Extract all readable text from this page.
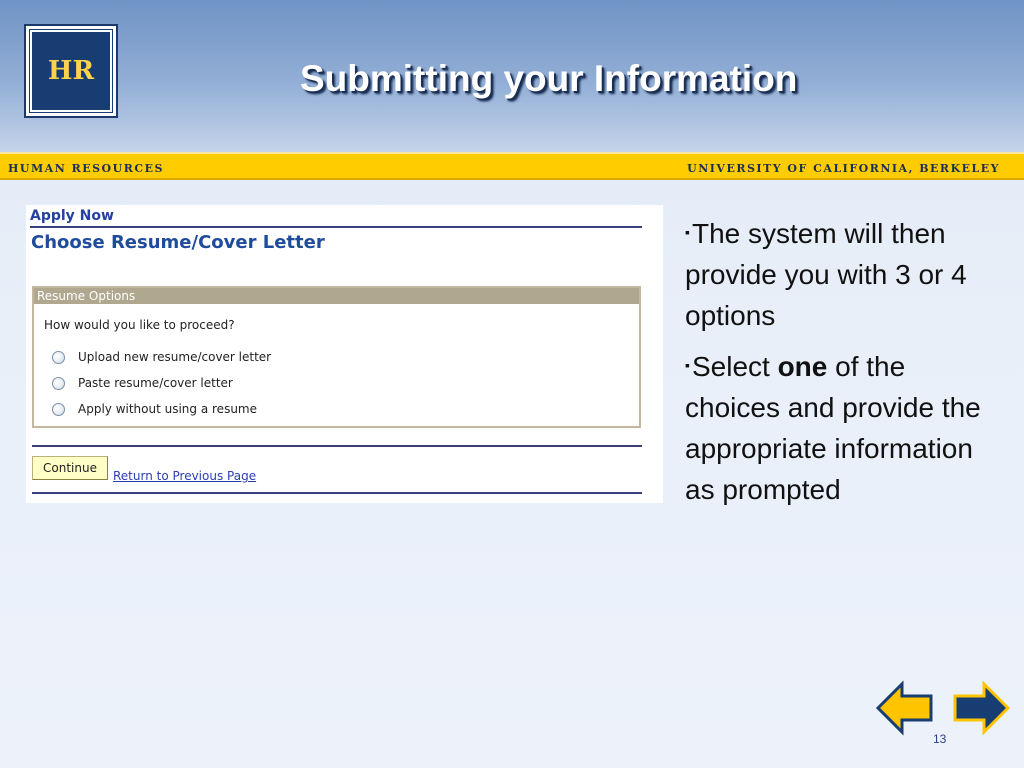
HR	Submitting your Information
HUMAN RESOURCES	UNIVERSITY OF CALIFORNIA, BERKELEY
Apply Now
Choose Resume/Cover Letter
Resume Options
How would you like to proceed?
Upload new resume/cover letter
Paste resume/cover letter
Apply without using a resume
Continue
Return to Previous Page
▪The system will then provide you with 3 or 4 options
▪Select one of the choices and provide the appropriate information as prompted
13
